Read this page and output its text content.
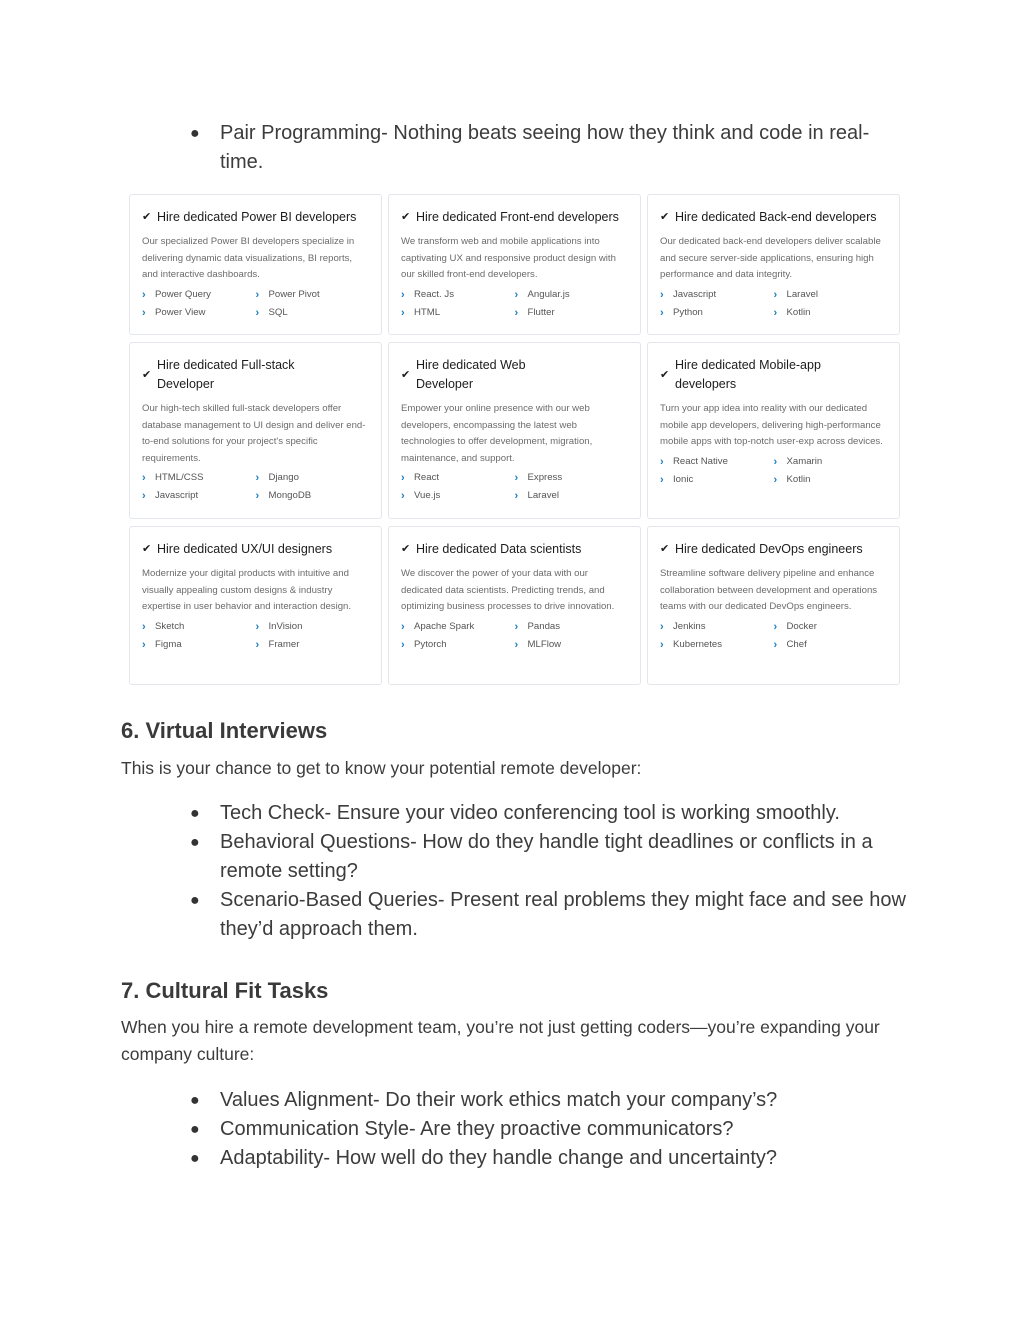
● Pair Programming- Nothing beats seeing how they think and code in real-time.
✔ Hire dedicated Power BI developers

Our specialized Power BI developers specialize in delivering dynamic data visualizations, BI reports, and interactive dashboards.

› Power Query	› Power Pivot
› Power View	› SQL
✔ Hire dedicated Front-end developers

We transform web and mobile applications into captivating UX and responsive product design with our skilled front-end developers.

› React. Js	› Angular.js
› HTML	› Flutter
✔ Hire dedicated Back-end developers

Our dedicated back-end developers deliver scalable and secure server-side applications, ensuring high performance and data integrity.

› Javascript	› Laravel
› Python	› Kotlin
✔
Hire dedicated Full-stack Developer

Our high-tech skilled full-stack developers offer database management to UI design and deliver end-to-end solutions for your project's specific requirements.

› HTML/CSS	› Django
› Javascript	› MongoDB
✔
Hire dedicated Web Developer

Empower your online presence with our web developers, encompassing the latest web technologies to offer development, migration, maintenance, and support.

› React	› Express
› Vue.js	› Laravel
✔
Hire dedicated Mobile-app developers

Turn your app idea into reality with our dedicated mobile app developers, delivering high-performance mobile apps with top-notch user-exp across devices.

› React Native	› Xamarin
› Ionic	› Kotlin
✔ Hire dedicated UX/UI designers

Modernize your digital products with intuitive and visually appealing custom designs & industry expertise in user behavior and interaction design.

› Sketch	› InVision
› Figma	› Framer
✔ Hire dedicated Data scientists

We discover the power of your data with our dedicated data scientists. Predicting trends, and optimizing business processes to drive innovation.

› Apache Spark	› Pandas
› Pytorch	› MLFlow
✔ Hire dedicated DevOps engineers

Streamline software delivery pipeline and enhance collaboration between development and operations teams with our dedicated DevOps engineers.

› Jenkins	› Docker
› Kubernetes	› Chef
6. Virtual Interviews

This is your chance to get to know your potential remote developer:

● Tech Check- Ensure your video conferencing tool is working smoothly.
● Behavioral Questions- How do they handle tight deadlines or conflicts in a remote setting?
● Scenario-Based Queries- Present real problems they might face and see how they’d approach them.
7. Cultural Fit Tasks

When you hire a remote development team, you’re not just getting coders—you’re expanding your company culture:

● Values Alignment- Do their work ethics match your company’s?
● Communication Style- Are they proactive communicators?
● Adaptability- How well do they handle change and uncertainty?
